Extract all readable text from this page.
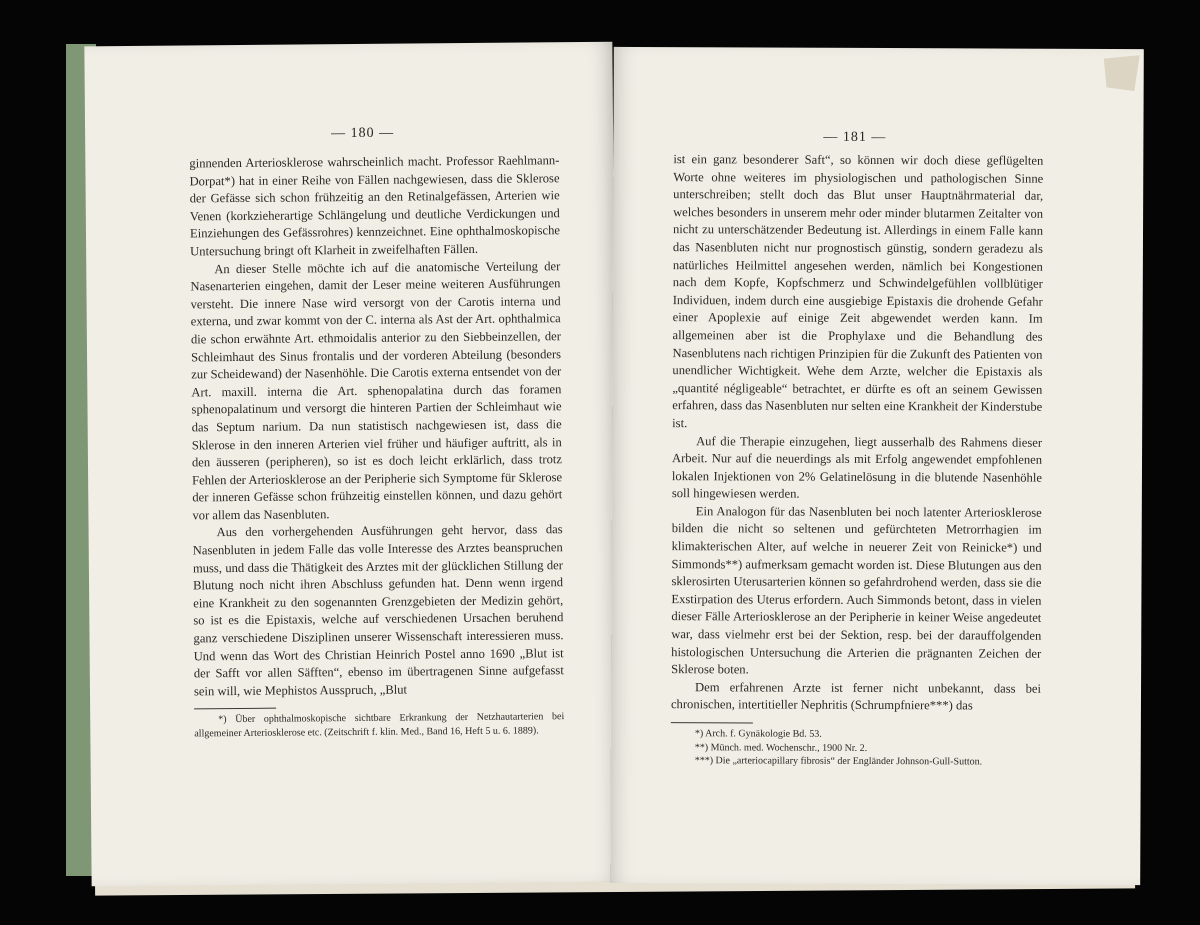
— 180 —

ginnenden Arteriosklerose wahrscheinlich macht. Professor Raehlmann-Dorpat*) hat in einer Reihe von Fällen nachgewiesen, dass die Sklerose der Gefässe sich schon frühzeitig an den Retinalgefässen, Arterien wie Venen (korkzieherartige Schlängelung und deutliche Verdickungen und Einziehungen des Gefässrohres) kennzeichnet. Eine ophthalmoskopische Untersuchung bringt oft Klarheit in zweifelhaften Fällen.

An dieser Stelle möchte ich auf die anatomische Verteilung der Nasenarterien eingehen, damit der Leser meine weiteren Ausführungen versteht. Die innere Nase wird versorgt von der Carotis interna und externa, und zwar kommt von der C. interna als Ast der Art. ophthalmica die schon erwähnte Art. ethmoidalis anterior zu den Siebbeinzellen, der Schleimhaut des Sinus frontalis und der vorderen Abteilung (besonders zur Scheidewand) der Nasenhöhle. Die Carotis externa entsendet von der Art. maxill. interna die Art. sphenopalatina durch das foramen sphenopalatinum und versorgt die hinteren Partien der Schleimhaut wie das Septum narium. Da nun statistisch nachgewiesen ist, dass die Sklerose in den inneren Arterien viel früher und häufiger auftritt, als in den äusseren (peripheren), so ist es doch leicht erklärlich, dass trotz Fehlen der Arteriosklerose an der Peripherie sich Symptome für Sklerose der inneren Gefässe schon frühzeitig einstellen können, und dazu gehört vor allem das Nasenbluten.

Aus den vorhergehenden Ausführungen geht hervor, dass das Nasenbluten in jedem Falle das volle Interesse des Arztes beanspruchen muss, und dass die Thätigkeit des Arztes mit der glücklichen Stillung der Blutung noch nicht ihren Abschluss gefunden hat. Denn wenn irgend eine Krankheit zu den sogenannten Grenzgebieten der Medizin gehört, so ist es die Epistaxis, welche auf verschiedenen Ursachen beruhend ganz verschiedene Disziplinen unserer Wissenschaft interessieren muss. Und wenn das Wort des Christian Heinrich Postel anno 1690 „Blut ist der Safft vor allen Säfften“, ebenso im übertragenen Sinne aufgefasst sein will, wie Mephistos Ausspruch, „Blut

*) Über ophthalmoskopische sichtbare Erkrankung der Netzhautarterien bei allgemeiner Arteriosklerose etc. (Zeitschrift f. klin. Med., Band 16, Heft 5 u. 6. 1889).

— 181 —

ist ein ganz besonderer Saft“, so können wir doch diese geflügelten Worte ohne weiteres im physiologischen und pathologischen Sinne unterschreiben; stellt doch das Blut unser Hauptnährmaterial dar, welches besonders in unserem mehr oder minder blutarmen Zeitalter von nicht zu unterschätzender Bedeutung ist. Allerdings in einem Falle kann das Nasenbluten nicht nur prognostisch günstig, sondern geradezu als natürliches Heilmittel angesehen werden, nämlich bei Kongestionen nach dem Kopfe, Kopfschmerz und Schwindelgefühlen vollblütiger Individuen, indem durch eine ausgiebige Epistaxis die drohende Gefahr einer Apoplexie auf einige Zeit abgewendet werden kann. Im allgemeinen aber ist die Prophylaxe und die Behandlung des Nasenblutens nach richtigen Prinzipien für die Zukunft des Patienten von unendlicher Wichtigkeit. Wehe dem Arzte, welcher die Epistaxis als „quantité négligeable“ betrachtet, er dürfte es oft an seinem Gewissen erfahren, dass das Nasenbluten nur selten eine Krankheit der Kinderstube ist.

Auf die Therapie einzugehen, liegt ausserhalb des Rahmens dieser Arbeit. Nur auf die neuerdings als mit Erfolg angewendet empfohlenen lokalen Injektionen von 2% Gelatinelösung in die blutende Nasenhöhle soll hingewiesen werden.

Ein Analogon für das Nasenbluten bei noch latenter Arteriosklerose bilden die nicht so seltenen und gefürchteten Metrorrhagien im klimakterischen Alter, auf welche in neuerer Zeit von Reinicke*) und Simmonds**) aufmerksam gemacht worden ist. Diese Blutungen aus den sklerosirten Uterusarterien können so gefahrdrohend werden, dass sie die Exstirpation des Uterus erfordern. Auch Simmonds betont, dass in vielen dieser Fälle Arteriosklerose an der Peripherie in keiner Weise angedeutet war, dass vielmehr erst bei der Sektion, resp. bei der darauffolgenden histologischen Untersuchung die Arterien die prägnanten Zeichen der Sklerose boten.

Dem erfahrenen Arzte ist ferner nicht unbekannt, dass bei chronischen, intertitieller Nephritis (Schrumpfniere***) das

*) Arch. f. Gynäkologie Bd. 53.

**) Münch. med. Wochenschr., 1900 Nr. 2.

***) Die „arteriocapillary fibrosis“ der Engländer Johnson-Gull-Sutton.
